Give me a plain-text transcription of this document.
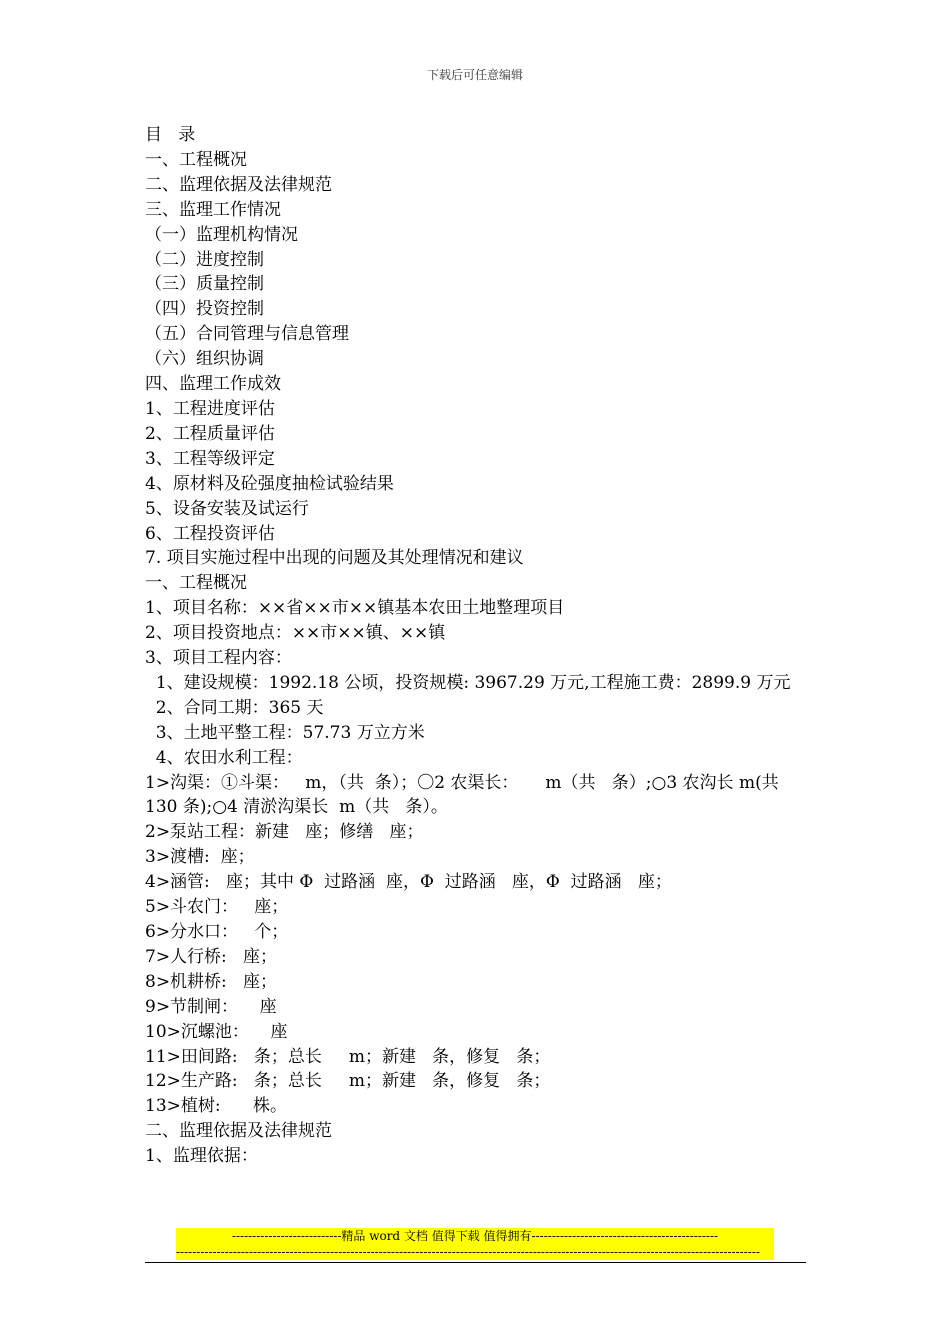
下载后可任意编辑
目   录
一、工程概况
二、监理依据及法律规范
三、监理工作情况
（一）监理机构情况
（二）进度控制
（三）质量控制
（四）投资控制
（五）合同管理与信息管理
（六）组织协调
四、监理工作成效
1、工程进度评估
2、工程质量评估
3、工程等级评定
4、原材料及砼强度抽检试验结果
5、设备安装及试运行
6、工程投资评估
7. 项目实施过程中出现的问题及其处理情况和建议
一、工程概况
1、项目名称：××省××市××镇基本农田土地整理项目
2、项目投资地点：××市××镇、××镇
3、项目工程内容：
1、建设规模：1992.18 公顷，投资规模: 3967.29 万元,工程施工费：2899.9 万元
2、合同工期：365 天
3、土地平整工程：57.73 万立方米
4、农田水利工程：
1>沟渠：①斗渠：   m，（共  条）；〇2 农渠长：     m（共   条）;○3 农沟长 m(共 130 条);○4 清淤沟渠长  m（共   条）。
2>泵站工程：新建   座；修缮   座；
3>渡槽:  座；
4>涵管:   座；其中 Φ  过路涵  座，Φ  过路涵   座，Φ  过路涵   座；
5>斗农门：   座；
6>分水口：   个；
7>人行桥:   座；
8>机耕桥:   座；
9>节制闸：    座
10>沉螺池：    座
11>田间路:   条；总长     m；新建   条，修复   条；
12>生产路:   条；总长     m；新建   条，修复   条；
13>植树:      株。
二、监理依据及法律规范
1、监理依据：
---------------------------精品 word 文档 值得下载 值得拥有----------------------------------------------
------------------------------------------------------------------------------------------------------------------------------------------------
